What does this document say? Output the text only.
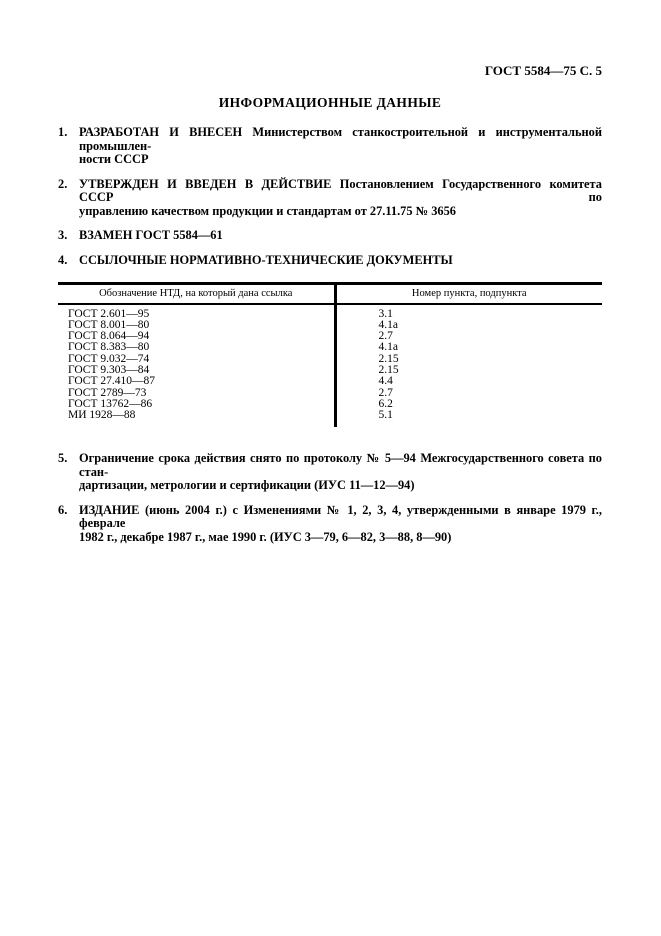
ГОСТ 5584—75 С. 5
ИНФОРМАЦИОННЫЕ ДАННЫЕ
1. РАЗРАБОТАН И ВНЕСЕН Министерством станкостроительной и инструментальной промышлен-
ности СССР
2. УТВЕРЖДЕН И ВВЕДЕН В ДЕЙСТВИЕ Постановлением Государственного комитета СССР по
управлению качеством продукции и стандартам от 27.11.75 № 3656
3. ВЗАМЕН ГОСТ 5584—61
4. ССЫЛОЧНЫЕ НОРМАТИВНО-ТЕХНИЧЕСКИЕ ДОКУМЕНТЫ
Обозначение НТД, на который дана ссылка	Номер пункта, подпункта
ГОСТ 2.601—95	3.1
ГОСТ 8.001—80	4.1а
ГОСТ 8.064—94	2.7
ГОСТ 8.383—80	4.1а
ГОСТ 9.032—74	2.15
ГОСТ 9.303—84	2.15
ГОСТ 27.410—87	4.4
ГОСТ 2789—73	2.7
ГОСТ 13762—86	6.2
МИ 1928—88	5.1

5. Ограничение срока действия снято по протоколу № 5—94 Межгосударственного совета по стан-
дартизации, метрологии и сертификации (ИУС 11—12—94)
6. ИЗДАНИЕ (июнь 2004 г.) с Изменениями № 1, 2, 3, 4, утвержденными в январе 1979 г., феврале
1982 г., декабре 1987 г., мае 1990 г. (ИУС 3—79, 6—82, 3—88, 8—90)
